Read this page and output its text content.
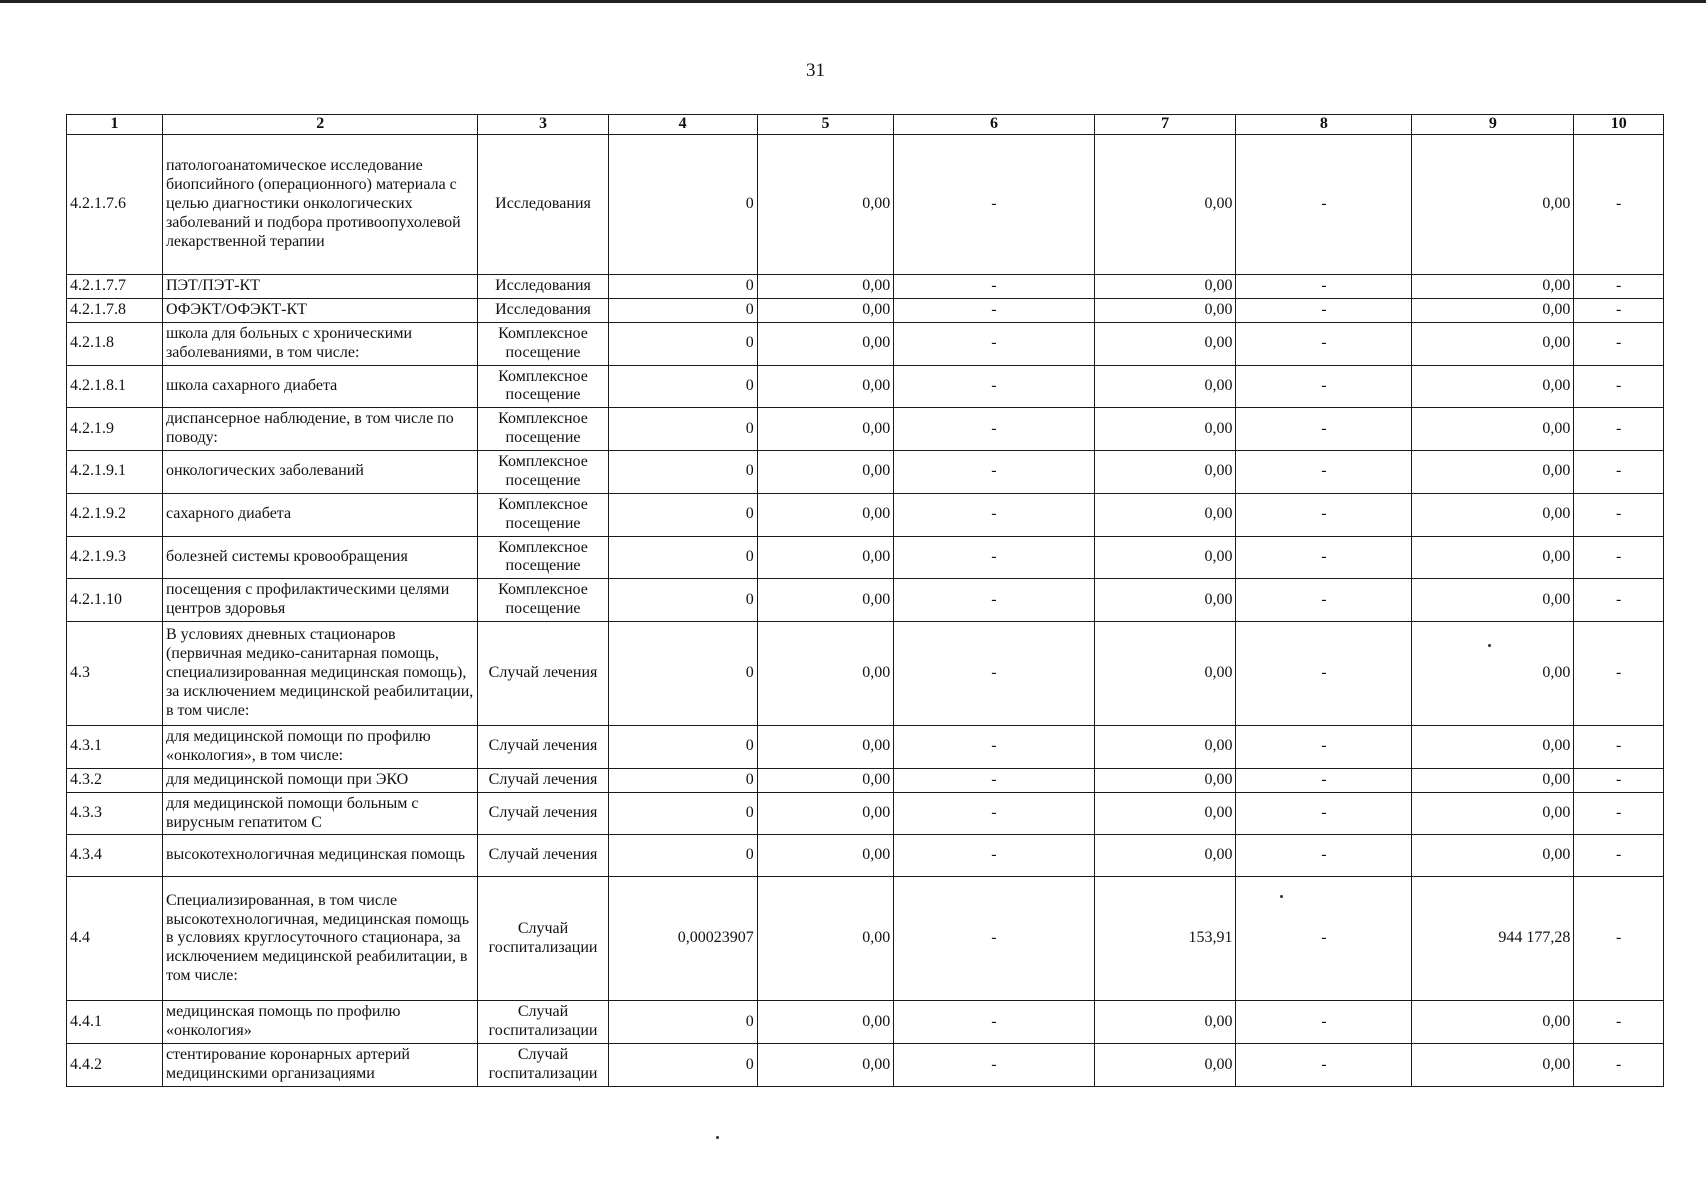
31
1	2	3	4	5	6	7	8	9	10
4.2.1.7.6	патологоанатомическое исследование биопсийного (операционного) материала с целью диагностики онкологических заболеваний и подбора противоопухолевой лекарственной терапии	Исследования	0	0,00	-	0,00	-	0,00	-
4.2.1.7.7	ПЭТ/ПЭТ-КТ	Исследования	0	0,00	-	0,00	-	0,00	-
4.2.1.7.8	ОФЭКТ/ОФЭКТ-КТ	Исследования	0	0,00	-	0,00	-	0,00	-
4.2.1.8	школа для больных с хроническими заболеваниями, в том числе:	Комплексное посещение	0	0,00	-	0,00	-	0,00	-
4.2.1.8.1	школа сахарного диабета	Комплексное посещение	0	0,00	-	0,00	-	0,00	-
4.2.1.9	диспансерное наблюдение, в том числе по поводу:	Комплексное посещение	0	0,00	-	0,00	-	0,00	-
4.2.1.9.1	онкологических заболеваний	Комплексное посещение	0	0,00	-	0,00	-	0,00	-
4.2.1.9.2	сахарного диабета	Комплексное посещение	0	0,00	-	0,00	-	0,00	-
4.2.1.9.3	болезней системы кровообращения	Комплексное посещение	0	0,00	-	0,00	-	0,00	-
4.2.1.10	посещения с профилактическими целями центров здоровья	Комплексное посещение	0	0,00	-	0,00	-	0,00	-
4.3	В условиях дневных стационаров (первичная медико-санитарная помощь, специализированная медицинская помощь), за исключением медицинской реабилитации, в том числе:	Случай лечения	0	0,00	-	0,00	-	0,00	-
4.3.1	для медицинской помощи по профилю «онкология», в том числе:	Случай лечения	0	0,00	-	0,00	-	0,00	-
4.3.2	для медицинской помощи при ЭКО	Случай лечения	0	0,00	-	0,00	-	0,00	-
4.3.3	для медицинской помощи больным с вирусным гепатитом С	Случай лечения	0	0,00	-	0,00	-	0,00	-
4.3.4	высокотехнологичная медицинская помощь	Случай лечения	0	0,00	-	0,00	-	0,00	-
4.4	Специализированная, в том числе высокотехнологичная, медицинская помощь в условиях круглосуточного стационара, за исключением медицинской реабилитации, в том числе:	Случай госпитализации	0,00023907	0,00	-	153,91	-	944 177,28	-
4.4.1	медицинская помощь по профилю «онкология»	Случай госпитализации	0	0,00	-	0,00	-	0,00	-
4.4.2	стентирование коронарных артерий медицинскими организациями	Случай госпитализации	0	0,00	-	0,00	-	0,00	-
